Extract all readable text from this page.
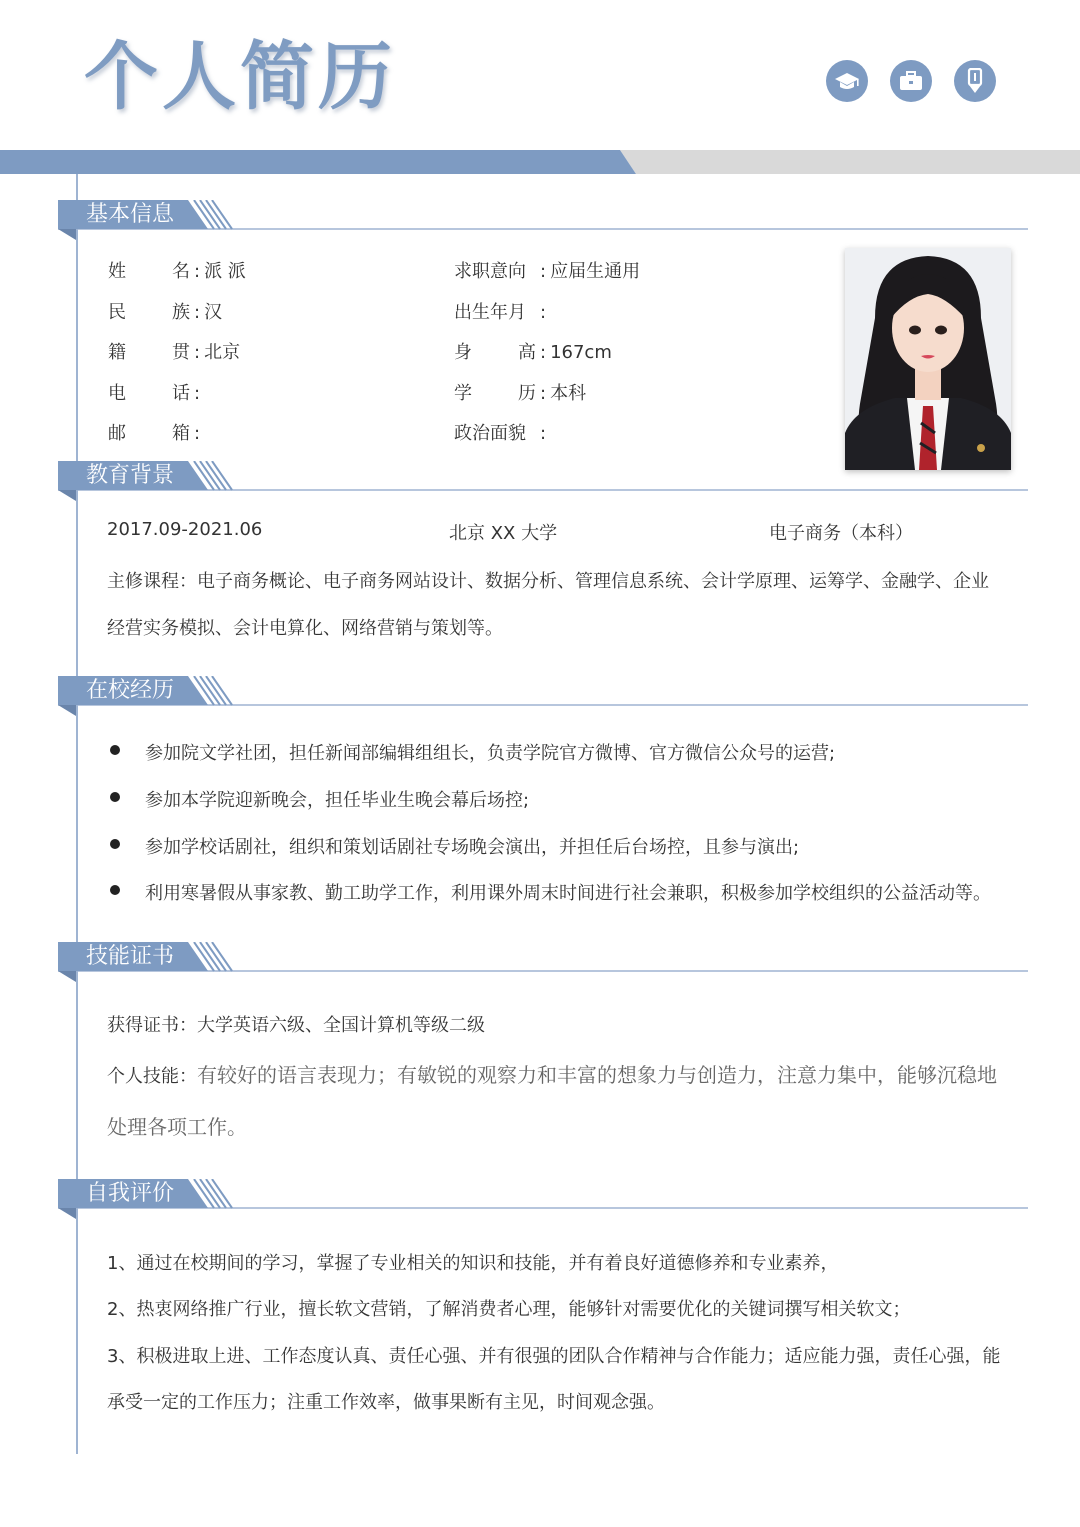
个人简历
基本信息
姓　　名 : 派 派
民　　族 : 汉
籍　　贯 : 北京
电　　话 :
邮　　箱 :
求职意向 : 应届生通用
出生年月 :
身　　高 : 167cm
学　　历 : 本科
政治面貌 :
教育背景
2017.09-2021.06	北京 XX 大学	电子商务（本科）
主修课程：电子商务概论、电子商务网站设计、数据分析、管理信息系统、会计学原理、运筹学、金融学、企业
经营实务模拟、会计电算化、网络营销与策划等。
在校经历
参加院文学社团，担任新闻部编辑组组长，负责学院官方微博、官方微信公众号的运营;
参加本学院迎新晚会，担任毕业生晚会幕后场控;
参加学校话剧社，组织和策划话剧社专场晚会演出，并担任后台场控，且参与演出;
利用寒暑假从事家教、勤工助学工作，利用课外周末时间进行社会兼职，积极参加学校组织的公益活动等。
技能证书
获得证书：大学英语六级、全国计算机等级二级
个人技能：有较好的语言表现力；有敏锐的观察力和丰富的想象力与创造力，注意力集中，能够沉稳地
处理各项工作。
自我评价
1、通过在校期间的学习，掌握了专业相关的知识和技能，并有着良好道德修养和专业素养，
2、热衷网络推广行业，擅长软文营销，了解消费者心理，能够针对需要优化的关键词撰写相关软文；
3、积极进取上进、工作态度认真、责任心强、并有很强的团队合作精神与合作能力；适应能力强，责任心强，能
承受一定的工作压力；注重工作效率，做事果断有主见，时间观念强。
